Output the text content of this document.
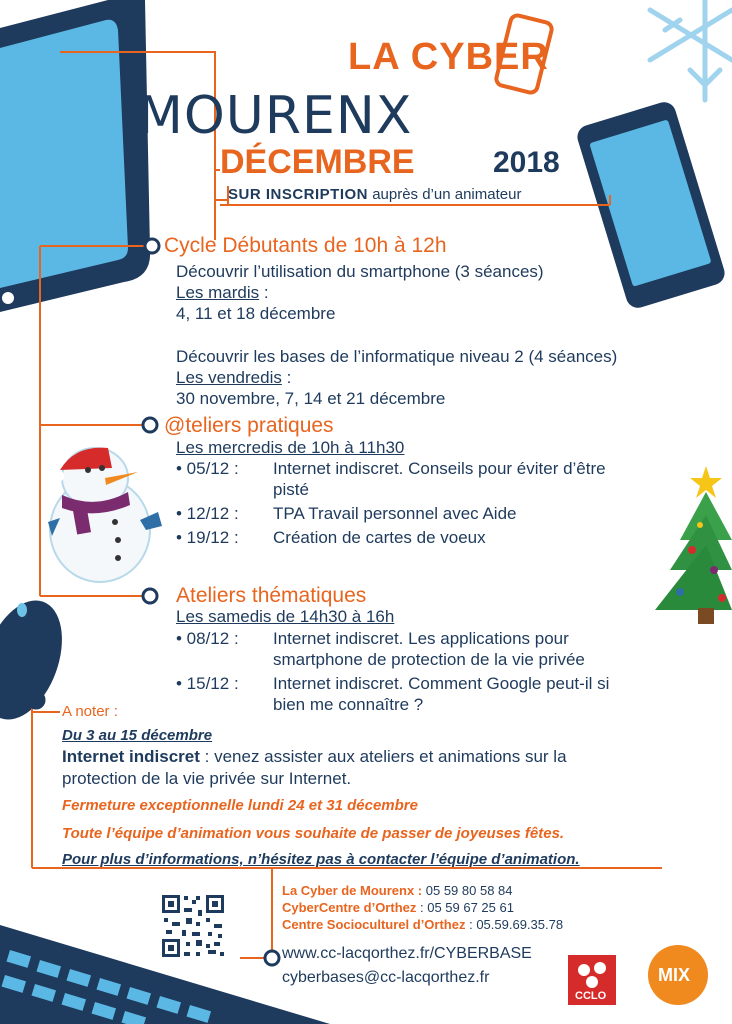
LA CYBER
MOURENX
DÉCEMBRE	2018
SUR INSCRIPTION auprès d’un animateur
Cycle Débutants de 10h à 12h
Découvrir l’utilisation du smartphone (3 séances)
Les mardis :
4, 11 et 18 décembre
Découvrir les bases de l’informatique niveau 2 (4 séances)
Les vendredis :
30 novembre, 7, 14 et 21 décembre
@teliers pratiques
Les mercredis de 10h à 11h30
• 05/12 :	Internet indiscret. Conseils pour éviter d’être
pisté
• 12/12 :	TPA Travail personnel avec Aide
• 19/12 :	Création de cartes de voeux
Ateliers thématiques
Les samedis de 14h30 à 16h
• 08/12 :	Internet indiscret. Les applications pour
smartphone de protection de la vie privée
• 15/12 :	Internet indiscret. Comment Google peut-il si
bien me connaître ?
A noter :
Du 3 au 15 décembre
Internet indiscret : venez assister aux ateliers et animations sur la
protection de la vie privée sur Internet.
Fermeture exceptionnelle lundi 24 et 31 décembre
Toute l’équipe d’animation vous souhaite de passer de joyeuses fêtes.
Pour plus d’informations, n’hésitez pas à contacter l’équipe d’animation.
La Cyber de Mourenx : 05 59 80 58 84
CyberCentre d’Orthez : 05 59 67 25 61
Centre Socioculturel d’Orthez : 05.59.69.35.78
www.cc-lacqorthez.fr/CYBERBASE
cyberbases@cc-lacqorthez.fr
CCLO
MIX
